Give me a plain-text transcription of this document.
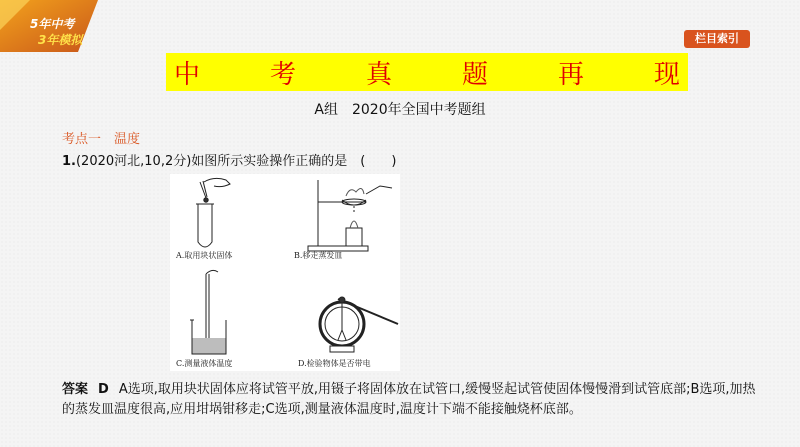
5年中考
3年模拟	栏目索引
中	考	真	题	再	现
A组　2020年全国中考题组
考点一　温度
1.(2020河北,10,2分)如图所示实验操作正确的是　(　　)
A.取用块状固体	B.移走蒸发皿
C.测量液体温度	D.检验物体是否带电
答案 D A选项,取用块状固体应将试管平放,用镊子将固体放在试管口,缓慢竖起试管使固体慢慢滑到试管底部;B选项,加热的蒸发皿温度很高,应用坩埚钳移走;C选项,测量液体温度时,温度计下端不能接触烧杯底部。
